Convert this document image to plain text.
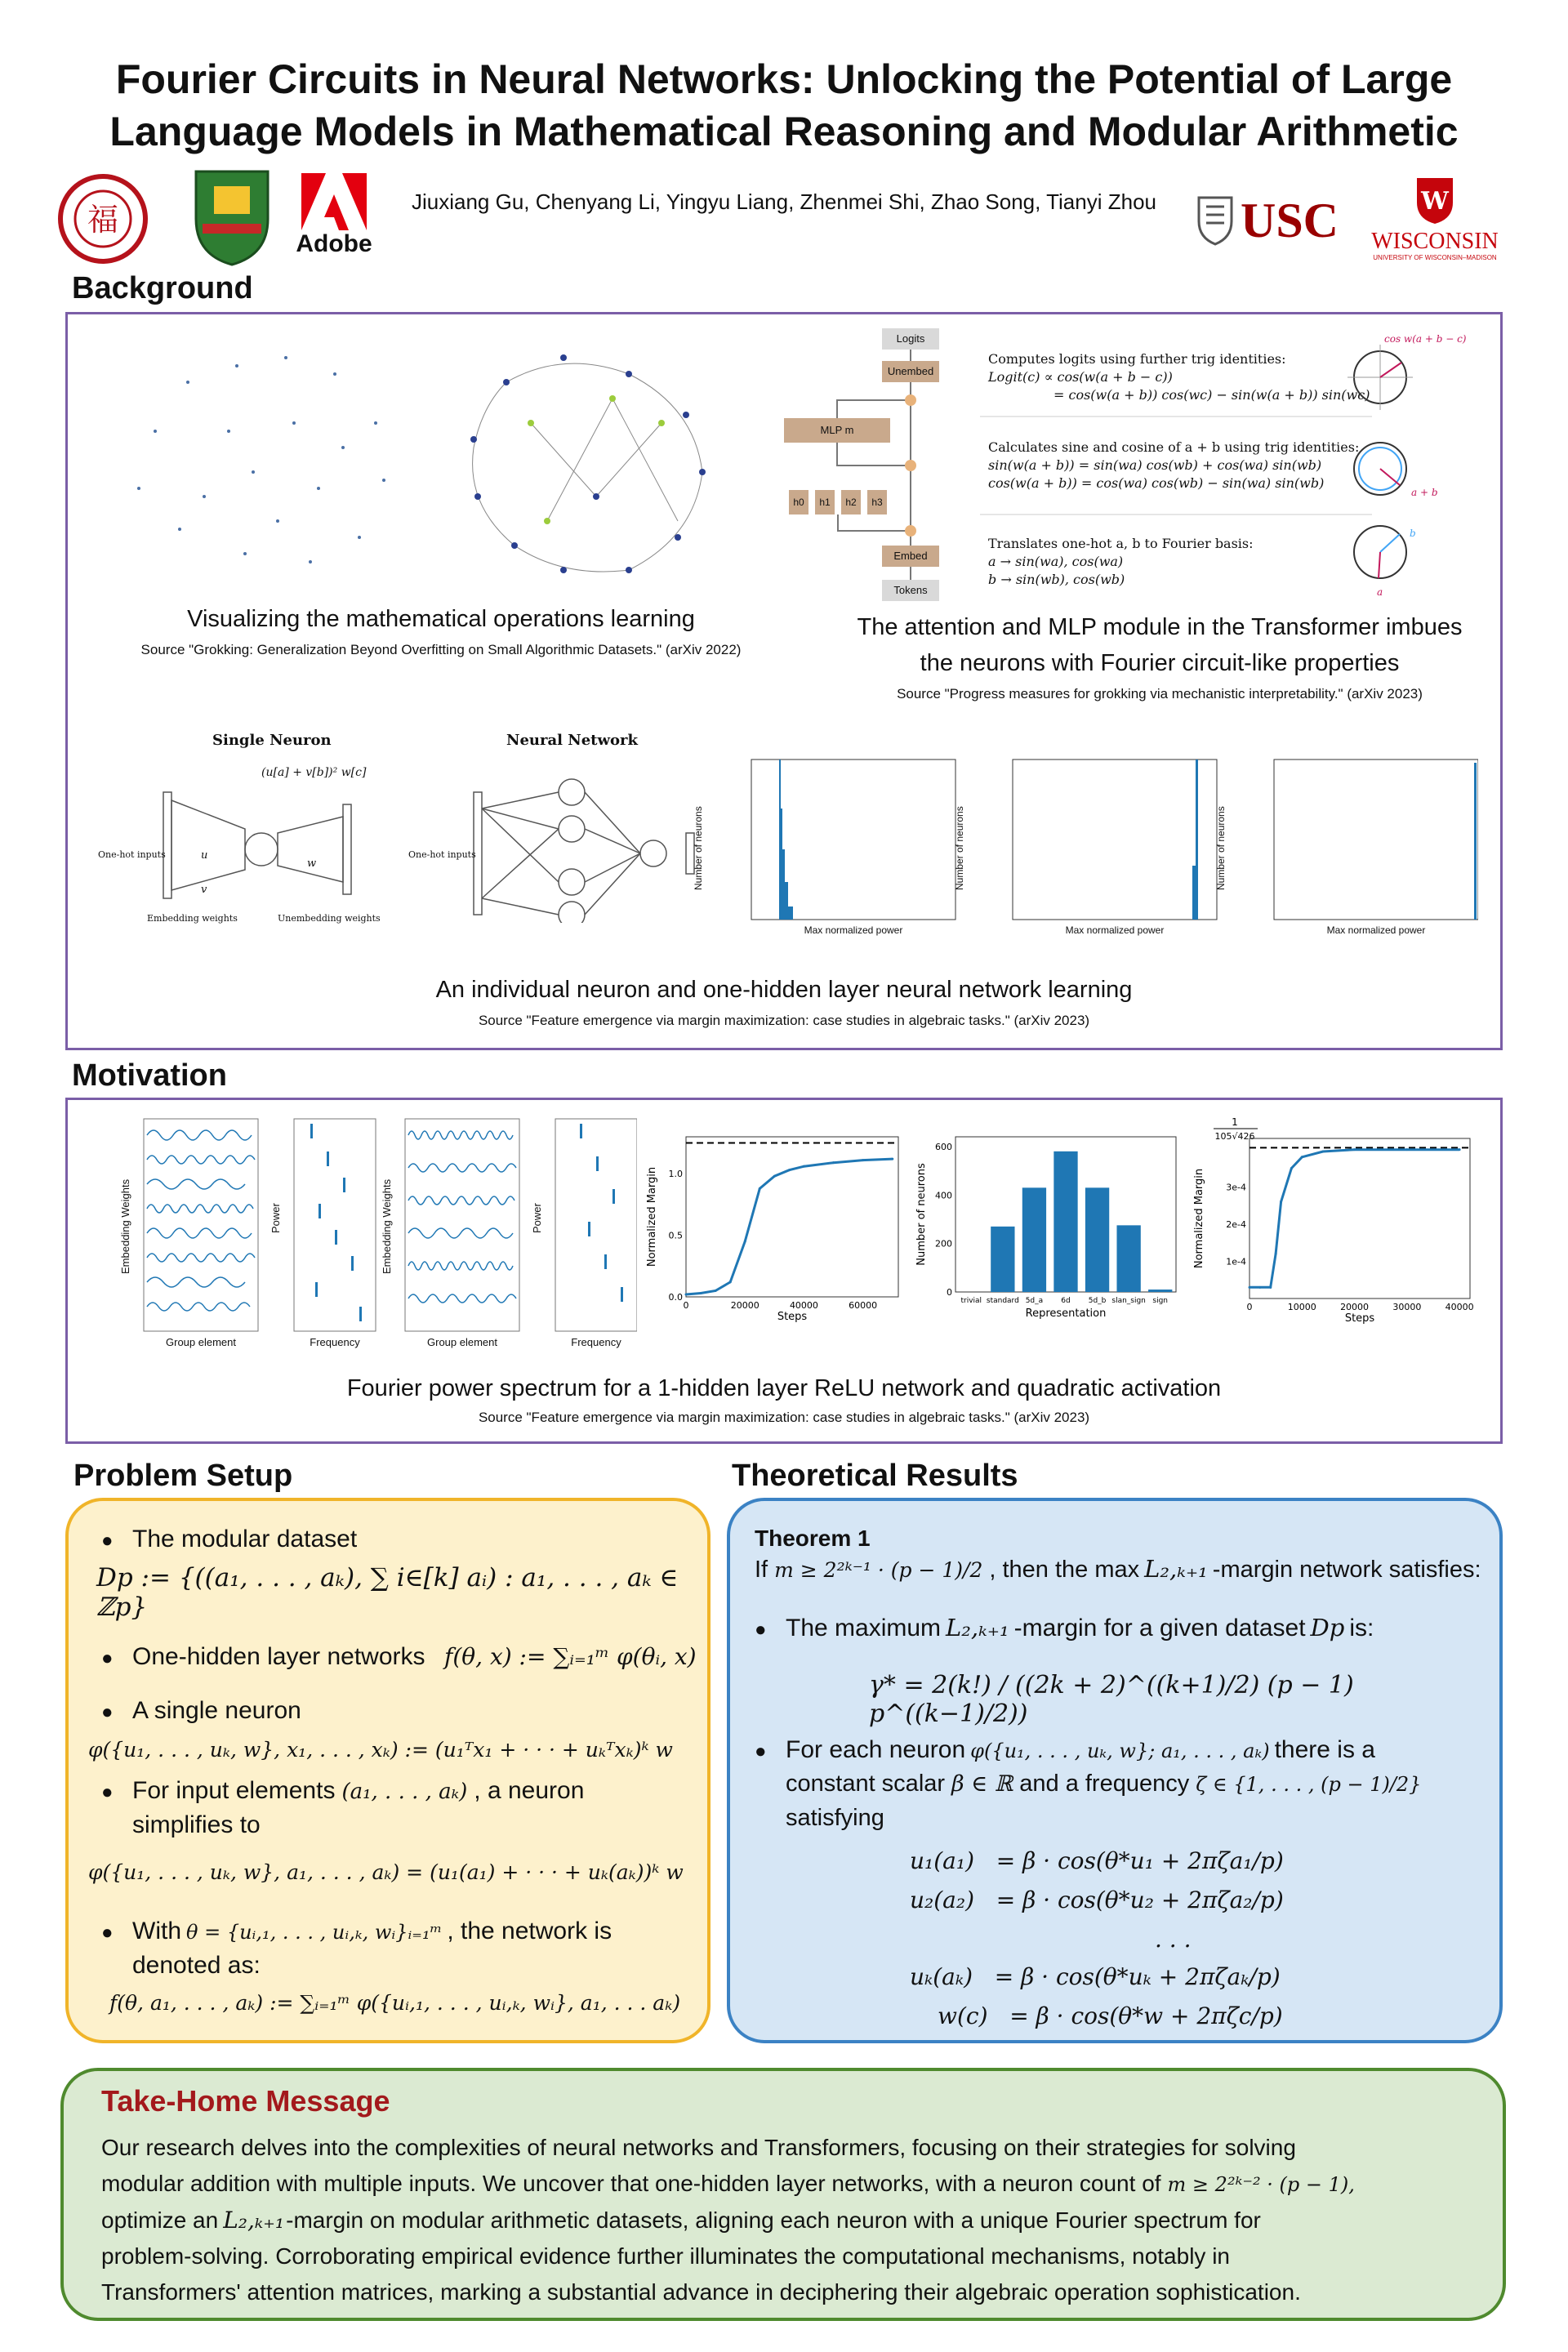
Fourier Circuits in Neural Networks: Unlocking the Potential of Large
Language Models in Mathematical Reasoning and Modular Arithmetic
福
Adobe
Jiuxiang Gu, Chenyang Li, Yingyu Liang, Zhenmei Shi, Zhao Song, Tianyi Zhou	USC	W
WISCONSIN
UNIVERSITY OF WISCONSIN–MADISON
Background
Visualizing the mathematical operations learning
Source "Grokking: Generalization Beyond Overfitting on Small Algorithmic Datasets." (arXiv 2022)
Logits
Unembed
MLP m
h0	h1	h2	h3
Embed
Tokens
Computes logits using further trig identities:
Logit(c) ∝ cos(w(a + b − c))
= cos(w(a + b)) cos(wc) − sin(w(a + b)) sin(wc)
Calculates sine and cosine of a + b using trig identities:
sin(w(a + b)) = sin(wa) cos(wb) + cos(wa) sin(wb)
cos(w(a + b)) = cos(wa) cos(wb) − sin(wa) sin(wb)
Translates one-hot a, b to Fourier basis:
a → sin(wa), cos(wa)
b → sin(wb), cos(wb)
cos w(a + b − c)
a + b
a
b
The attention and MLP module in the Transformer imbues
the neurons with Fourier circuit-like properties
Source "Progress measures for grokking via mechanistic interpretability." (arXiv 2023)
Single Neuron	Neural Network
(u[a] + v[b])² w[c]
u
v
w
One-hot inputs	One-hot inputs
Embedding weights	Unembedding weights
Number of neurons	Number of neurons	Number of neurons
Max normalized power	Max normalized power	Max normalized power
An individual neuron and one-hidden layer neural network learning
Source "Feature emergence via margin maximization: case studies in algebraic tasks." (arXiv 2023)
Motivation
Embedding Weights	Power	Embedding Weights	Power
Group element	Frequency	Group element	Frequency
0	20000	40000	60000
0.0
0.5
1.0
Steps
Normalized Margin
trivial standard 5d_a 6d 5d_b slan_sign sign
0
200
400
600
Representation
Number of neurons
0	10000	20000	30000	40000
1e-4
2e-4
3e-4
Steps
Normalized Margin
1
105√426
Fourier power spectrum for a 1-hidden layer ReLU network and quadratic activation
Source "Feature emergence via margin maximization: case studies in algebraic tasks." (arXiv 2023)
Problem Setup
● The modular dataset
Dp := {((a₁, . . . , aₖ), ∑ i∈[k] aᵢ) : a₁, . . . , aₖ ∈ ℤp}
● One-hidden layer networks f(θ, x) := ∑ᵢ₌₁ᵐ φ(θᵢ, x)
● A single neuron
φ({u₁, . . . , uₖ, w}, x₁, . . . , xₖ) := (u₁ᵀx₁ + · · · + uₖᵀxₖ)ᵏ w
● For input elements (a₁, . . . , aₖ) , a neuron
simplifies to
φ({u₁, . . . , uₖ, w}, a₁, . . . , aₖ) = (u₁(a₁) + · · · + uₖ(aₖ))ᵏ w
● With θ = {uᵢ,₁, . . . , uᵢ,ₖ, wᵢ}ᵢ₌₁ᵐ , the network is
denoted as:
f(θ, a₁, . . . , aₖ) := ∑ᵢ₌₁ᵐ φ({uᵢ,₁, . . . , uᵢ,ₖ, wᵢ}, a₁, . . . aₖ)
Theoretical Results
Theorem 1
If m ≥ 2²ᵏ⁻¹ · (p − 1)/2 , then the max L₂,ₖ₊₁ -margin network satisfies:
● The maximum L₂,ₖ₊₁ -margin for a given dataset Dp is:
γ* = 2(k!) / ((2k + 2)^((k+1)/2) (p − 1) p^((k−1)/2))
● For each neuron φ({u₁, . . . , uₖ, w}; a₁, . . . , aₖ) there is a
constant scalar β ∈ ℝ and a frequency ζ ∈ {1, . . . , (p − 1)/2}
satisfying
u₁(a₁)   = β · cos(θ*u₁ + 2πζa₁/p)
u₂(a₂)   = β · cos(θ*u₂ + 2πζa₂/p)
. . .
uₖ(aₖ)   = β · cos(θ*uₖ + 2πζaₖ/p)
w(c)   = β · cos(θ*w + 2πζc/p)
Take-Home Message
Our research delves into the complexities of neural networks and Transformers, focusing on their strategies for solving
modular addition with multiple inputs. We uncover that one-hidden layer networks, with a neuron count of m ≥ 2²ᵏ⁻² · (p − 1),
optimize an L₂,ₖ₊₁ -margin on modular arithmetic datasets, aligning each neuron with a unique Fourier spectrum for
problem-solving. Corroborating empirical evidence further illuminates the computational mechanisms, notably in
Transformers' attention matrices, marking a substantial advance in deciphering their algebraic operation sophistication.
